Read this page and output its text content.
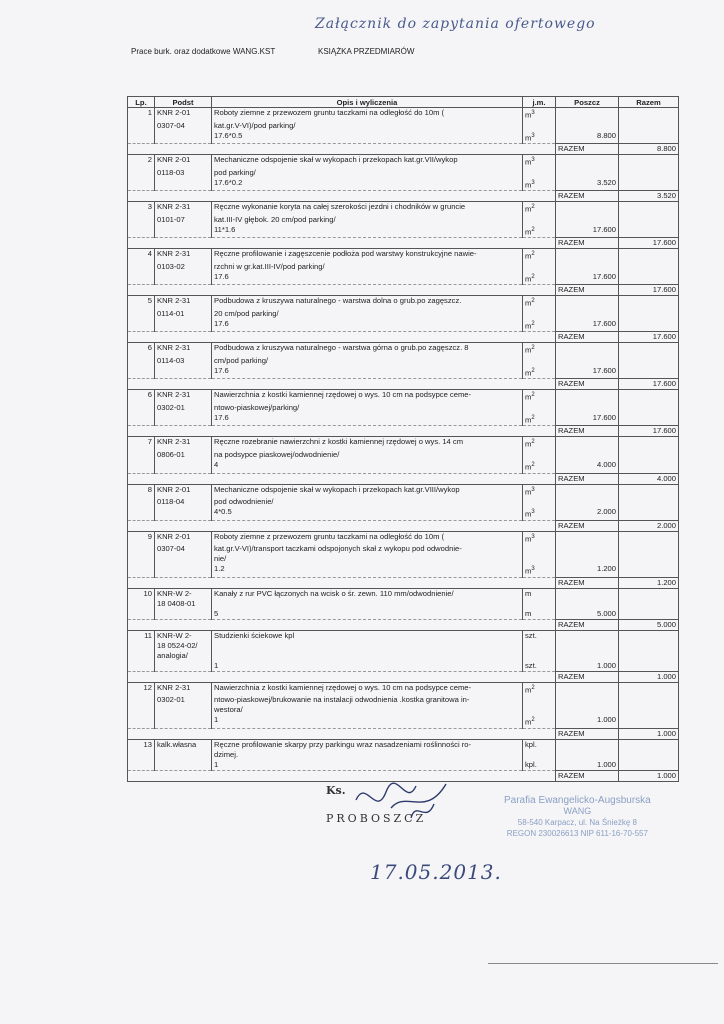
Załącznik do zapytania ofertowego
Prace burk. oraz dodatkowe WANG.KST	KSIĄŻKA PRZEDMIARÓW
Lp.	Podst	Opis i wyliczenia	j.m.	Poszcz	Razem
1	KNR 2-01	Roboty ziemne z przewozem gruntu taczkami na odległość do 10m (	$m^3$		
	0307-04	kat.gr.V-VI)/pod parking/			
		17.6*0.5	$m^3$	8.800	
				RAZEM	8.800
2	KNR 2-01	Mechaniczne odspojenie skał w wykopach i przekopach kat.gr.VII/wykop	$m^3$		
	0118-03	pod parking/			
		17.6*0.2	$m^3$	3.520	
				RAZEM	3.520
3	KNR 2-31	Ręczne wykonanie koryta na całej szerokości jezdni i chodników w gruncie	$m^2$		
	0101-07	kat.III-IV głębok. 20 cm/pod parking/			
		11*1.6	$m^2$	17.600	
				RAZEM	17.600
4	KNR 2-31	Ręczne profilowanie i zagęszcenie podłoża pod warstwy konstrukcyjne nawie-	$m^2$		
	0103-02	rzchni w gr.kat.III-IV/pod parking/			
		17.6	$m^2$	17.600	
				RAZEM	17.600
5	KNR 2-31	Podbudowa z kruszywa naturalnego - warstwa dolna o grub.po zagęszcz.	$m^2$		
	0114-01	20 cm/pod parking/			
		17.6	$m^2$	17.600	
				RAZEM	17.600
6	KNR 2-31	Podbudowa z kruszywa naturalnego - warstwa górna o grub.po zagęszcz. 8	$m^2$		
	0114-03	cm/pod parking/			
		17.6	$m^2$	17.600	
				RAZEM	17.600
6	KNR 2-31	Nawierzchnia z kostki kamiennej rzędowej o wys. 10 cm na podsypce ceme-	$m^2$		
	0302-01	ntowo-piaskowej/parking/			
		17.6	$m^2$	17.600	
				RAZEM	17.600
7	KNR 2-31	Ręczne rozebranie nawierzchni z kostki kamiennej rzędowej o wys. 14 cm	$m^2$		
	0806-01	na podsypce piaskowej/odwodnienie/			
		4	$m^2$	4.000	
				RAZEM	4.000
8	KNR 2-01	Mechaniczne odspojenie skał w wykopach i przekopach kat.gr.VIII/wykop	$m^3$		
	0118-04	pod odwodnienie/			
		4*0.5	$m^3$	2.000	
				RAZEM	2.000
9	KNR 2-01	Roboty ziemne z przewozem gruntu taczkami na odległość do 10m (	$m^3$		
	0307-04	kat.gr.V-VI)/transport taczkami odspojonych skał z wykopu pod odwodnie-			
		nie/			
		1.2	$m^3$	1.200	
				RAZEM	1.200
10	KNR-W 2-	Kanały z rur PVC łączonych na wcisk o śr. zewn. 110 mm/odwodnienie/	m		
	18 0408-01				
		5	m	5.000	
				RAZEM	5.000
11	KNR-W 2-	Studzienki ściekowe kpl	szt.		
	18 0524-02/				
	analogia/				
		1	szt.	1.000	
				RAZEM	1.000
12	KNR 2-31	Nawierzchnia z kostki kamiennej rzędowej o wys. 10 cm na podsypce ceme-	$m^2$		
	0302-01	ntowo-piaskowej/brukowanie na instalacji odwodnienia .kostka granitowa in-			
		westora/			
		1	$m^2$	1.000	
				RAZEM	1.000
13	kalk.własna	Ręczne profilowanie skarpy przy parkingu wraz nasadzeniami roślinności ro-	kpl.		
		dzimej.			
		1	kpl.	1.000	
				RAZEM	1.000
Ks.
PROBOSZCZ
Parafia Ewangelicko-Augsburska
WANG
58-540 Karpacz, ul. Na Śnieżkę 8
REGON 230026613 NIP 611-16-70-557
17.05.2013.
